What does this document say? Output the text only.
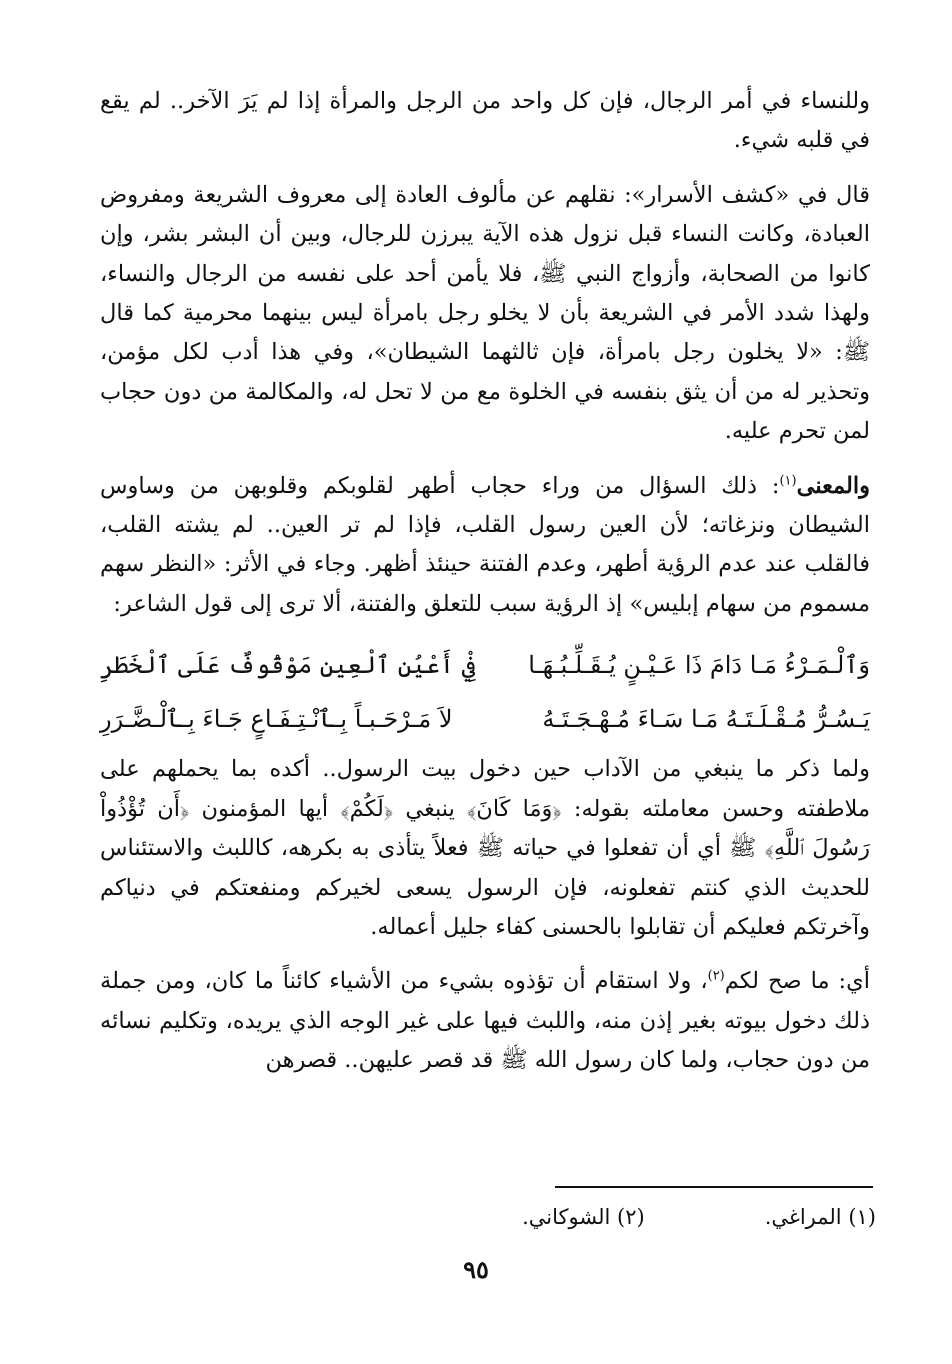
وللنساء في أمر الرجال، فإن كل واحد من الرجل والمرأة إذا لم يَرَ الآخر.. لم يقع في قلبه شيء.

قال في «كشف الأسرار»: نقلهم عن مألوف العادة إلى معروف الشريعة ومفروض العبادة، وكانت النساء قبل نزول هذه الآية يبرزن للرجال، وبين أن البشر بشر، وإن كانوا من الصحابة، وأزواج النبي ﷺ، فلا يأمن أحد على نفسه من الرجال والنساء، ولهذا شدد الأمر في الشريعة بأن لا يخلو رجل بامرأة ليس بينهما محرمية كما قال ﷺ: «لا يخلون رجل بامرأة، فإن ثالثهما الشيطان»، وفي هذا أدب لكل مؤمن، وتحذير له من أن يثق بنفسه في الخلوة مع من لا تحل له، والمكالمة من دون حجاب لمن تحرم عليه.

والمعنى$^{(١)}$: ذلك السؤال من وراء حجاب أطهر لقلوبكم وقلوبهن من وساوس الشيطان ونزغاته؛ لأن العين رسول القلب، فإذا لم تر العين.. لم يشته القلب، فالقلب عند عدم الرؤية أطهر، وعدم الفتنة حينئذ أظهر. وجاء في الأثر: «النظر سهم مسموم من سهام إبليس» إذ الرؤية سبب للتعلق والفتنة، ألا ترى إلى قول الشاعر:

وَٱلْـمَـرْءُ مَـا دَامَ ذَا عَـيْـنٍ يُـقَـلِّـبُـهَـا
فِيْ أَعْيُنِ ٱلْعِينِ مَوْقُوفٌ عَلَى ٱلْخَطَرِ
يَـسُـرُّ مُـقْـلَـتَـهُ مَـا سَـاءَ مُـهْـجَـتَـهُ
لاَ مَـرْحَـبـاً بِـٱنْـتِـفَـاعٍ جَـاءَ بِـٱلْـضَّـرَرِ

ولما ذكر ما ينبغي من الآداب حين دخول بيت الرسول.. أكده بما يحملهم على ملاطفته وحسن معاملته بقوله: ﴿وَمَا كَانَ﴾ ينبغي ﴿لَكُمْ﴾ أيها المؤمنون ﴿أَن تُؤْذُواْ رَسُولَ ٱللَّهِ﴾ ﷺ أي أن تفعلوا في حياته ﷺ فعلاً يتأذى به بكرهه، كاللبث والاستئناس للحديث الذي كنتم تفعلونه، فإن الرسول يسعى لخيركم ومنفعتكم في دنياكم وآخرتكم فعليكم أن تقابلوا بالحسنى كفاء جليل أعماله.

أي: ما صح لكم$^{(٢)}$، ولا استقام أن تؤذوه بشيء من الأشياء كائناً ما كان، ومن جملة ذلك دخول بيوته بغير إذن منه، واللبث فيها على غير الوجه الذي يريده، وتكليم نسائه من دون حجاب، ولما كان رسول الله ﷺ قد قصر عليهن.. قصرهن

(١) المراغي.
(٢) الشوكاني.
٩٥
